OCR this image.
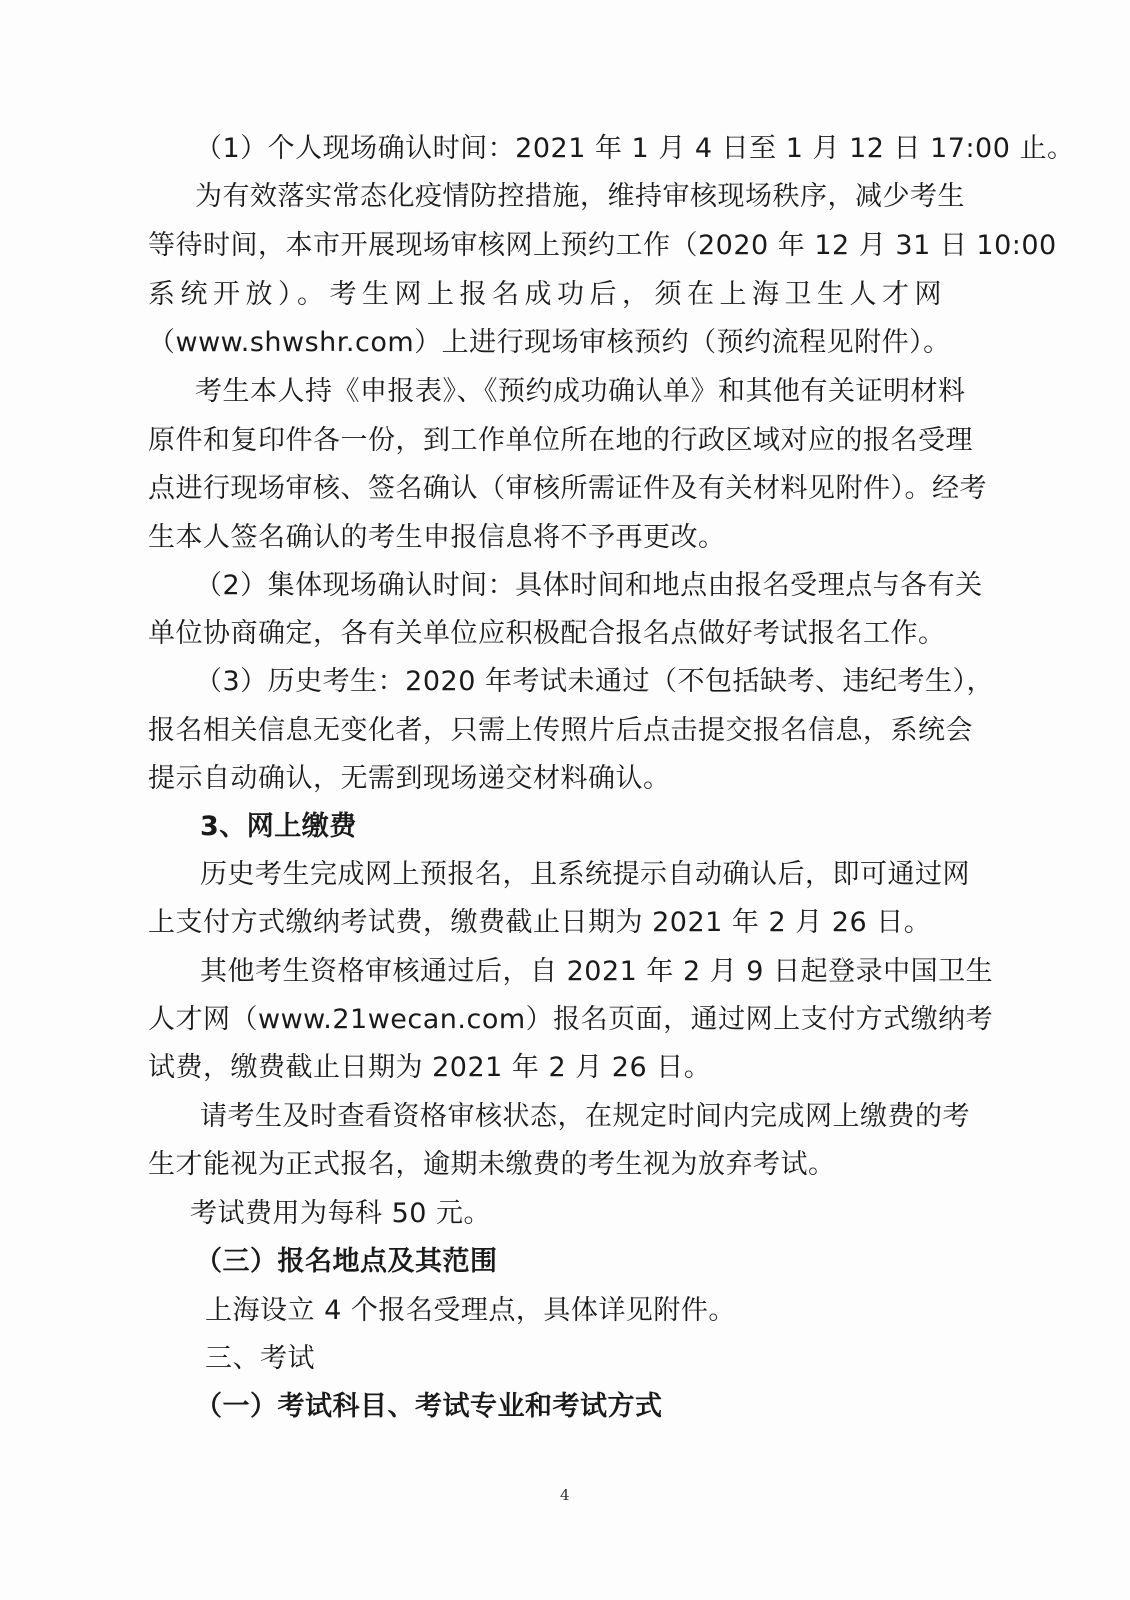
（1）个人现场确认时间：2021 年 1 月 4 日至 1 月 12 日 17:00 止。
为有效落实常态化疫情防控措施，维持审核现场秩序，减少考生
等待时间，本市开展现场审核网上预约工作（2020 年 12 月 31 日 10:00
系统开放）。考生网上报名成功后，须在上海卫生人才网
（www.shwshr.com）上进行现场审核预约（预约流程见附件）。
考生本人持《申报表》、《预约成功确认单》和其他有关证明材料
原件和复印件各一份，到工作单位所在地的行政区域对应的报名受理
点进行现场审核、签名确认（审核所需证件及有关材料见附件）。经考
生本人签名确认的考生申报信息将不予再更改。
（2）集体现场确认时间：具体时间和地点由报名受理点与各有关
单位协商确定，各有关单位应积极配合报名点做好考试报名工作。
（3）历史考生：2020 年考试未通过（不包括缺考、违纪考生），
报名相关信息无变化者，只需上传照片后点击提交报名信息，系统会
提示自动确认，无需到现场递交材料确认。
3、网上缴费
历史考生完成网上预报名，且系统提示自动确认后，即可通过网
上支付方式缴纳考试费，缴费截止日期为 2021 年 2 月 26 日。
其他考生资格审核通过后，自 2021 年 2 月 9 日起登录中国卫生
人才网（www.21wecan.com）报名页面，通过网上支付方式缴纳考
试费，缴费截止日期为 2021 年 2 月 26 日。
请考生及时查看资格审核状态，在规定时间内完成网上缴费的考
生才能视为正式报名，逾期未缴费的考生视为放弃考试。
考试费用为每科 50 元。
（三）报名地点及其范围
上海设立 4 个报名受理点，具体详见附件。
三、考试
（一）考试科目、考试专业和考试方式
4
